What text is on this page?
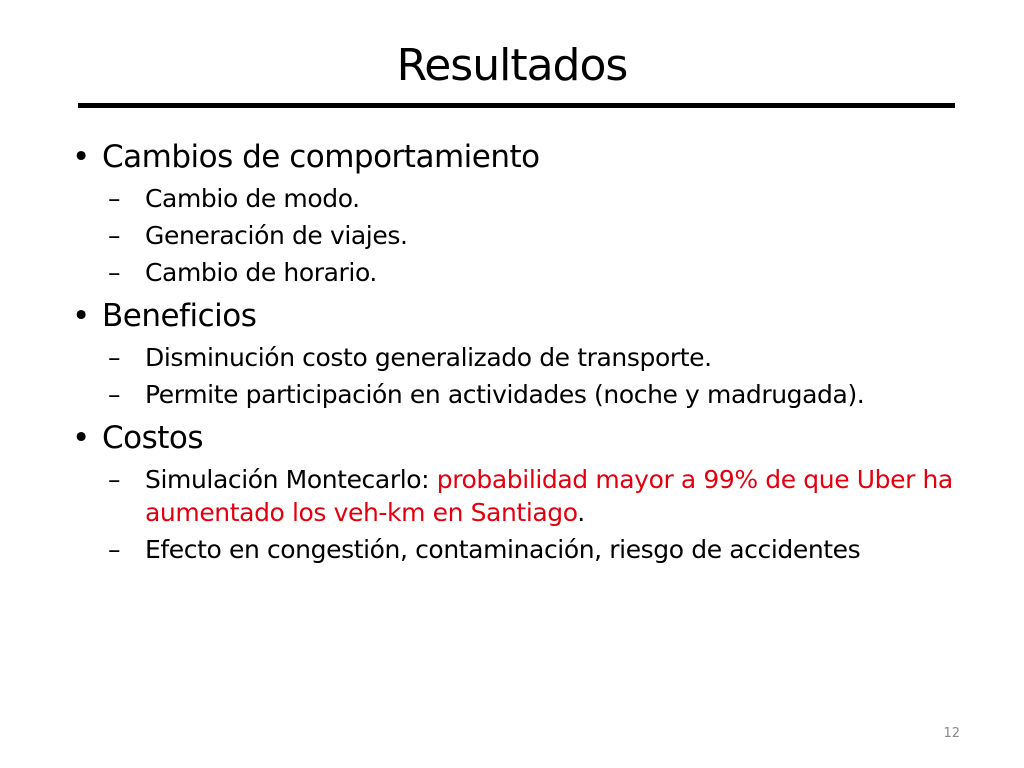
Resultados
• Cambios de comportamiento
– Cambio de modo.
– Generación de viajes.
– Cambio de horario.
• Beneficios
– Disminución costo generalizado de transporte.
– Permite participación en actividades (noche y madrugada).
• Costos
– Simulación Montecarlo: probabilidad mayor a 99% de que Uber ha aumentado los veh-km en Santiago.
– Efecto en congestión, contaminación, riesgo de accidentes
12
